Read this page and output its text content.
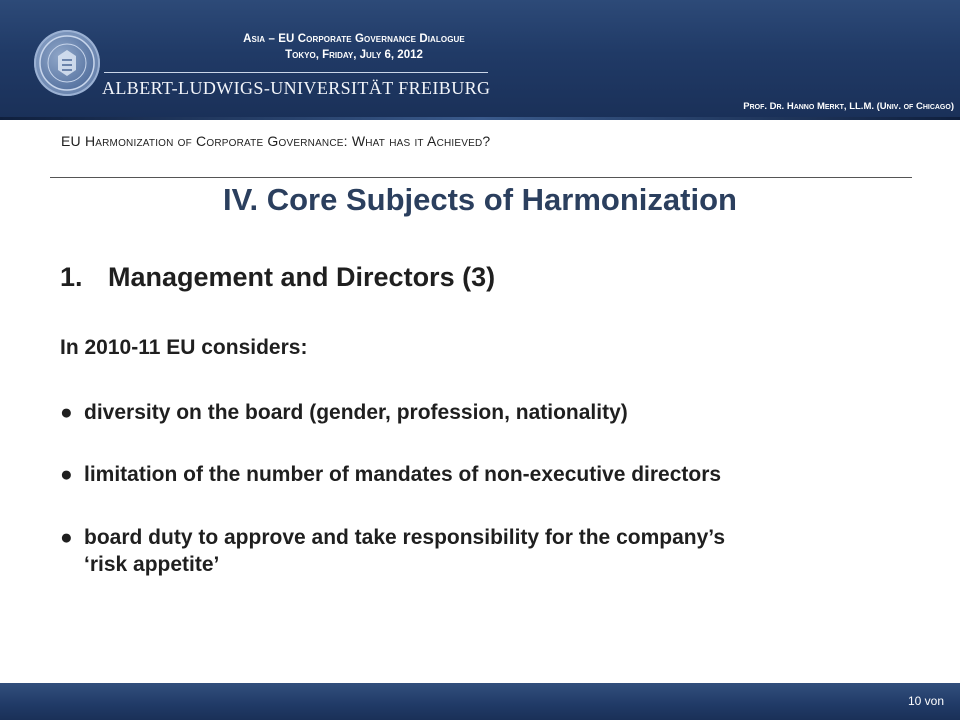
Asia – EU Corporate Governance Dialogue
Tokyo, Friday, July 6, 2012
ALBERT-LUDWIGS-UNIVERSITÄT FREIBURG
Prof. Dr. Hanno Merkt, LL.M. (Univ. of Chicago)
EU Harmonization of Corporate Governance: What has it Achieved?
IV. Core Subjects of Harmonization
1. Management and Directors (3)
In 2010-11 EU considers:
● diversity on the board (gender, profession, nationality)
● limitation of the number of mandates of non-executive directors
● board duty to approve and take responsibility for the company’s
‘risk appetite’
10 von
